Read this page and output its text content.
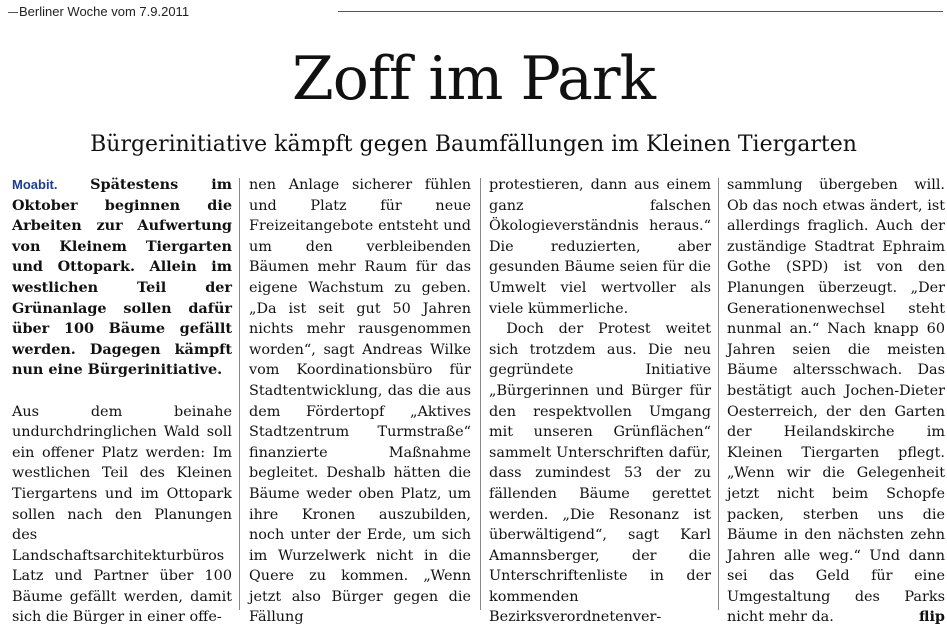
Berliner Woche vom 7.9.2011
Zoff im Park
Bürgerinitiative kämpft gegen Baumfällungen im Kleinen Tiergarten

Moabit. Spätestens im Oktober beginnen die Arbeiten zur Aufwertung von Kleinem Tiergarten und Ottopark. Allein im westlichen Teil der Grünanlage sollen dafür über 100 Bäume gefällt werden. Dagegen kämpft nun eine Bürgerinitiative.

Aus dem beinahe undurchdringlichen Wald soll ein offener Platz werden: Im westlichen Teil des Kleinen Tiergartens und im Ottopark sollen nach den Planungen des Landschaftsarchitekturbüros Latz und Partner über 100 Bäume gefällt werden, damit sich die Bürger in einer offe-

nen Anlage sicherer fühlen und Platz für neue Freizeitangebote entsteht und um den verbleibenden Bäumen mehr Raum für das eigene Wachstum zu geben. „Da ist seit gut 50 Jahren nichts mehr rausgenommen worden“, sagt Andreas Wilke vom Koordinationsbüro für Stadtentwicklung, das die aus dem Fördertopf „Aktives Stadtzentrum Turmstraße“ finanzierte Maßnahme begleitet. Deshalb hätten die Bäume weder oben Platz, um ihre Kronen auszubilden, noch unter der Erde, um sich im Wurzelwerk nicht in die Quere zu kommen. „Wenn jetzt also Bürger gegen die Fällung

protestieren, dann aus einem ganz falschen Ökologieverständnis heraus.“ Die reduzierten, aber gesunden Bäume seien für die Umwelt viel wertvoller als viele kümmerliche.

Doch der Protest weitet sich trotzdem aus. Die neu gegründete Initiative „Bürgerinnen und Bürger für den respektvollen Umgang mit unseren Grünflächen“ sammelt Unterschriften dafür, dass zumindest 53 der zu fällenden Bäume gerettet werden. „Die Resonanz ist überwältigend“, sagt Karl Amannsberger, der die Unterschriftenliste in der kommenden Bezirksverordnetenver-

sammlung übergeben will. Ob das noch etwas ändert, ist allerdings fraglich. Auch der zuständige Stadtrat Ephraim Gothe (SPD) ist von den Planungen überzeugt. „Der Generationenwechsel steht nunmal an.“ Nach knapp 60 Jahren seien die meisten Bäume altersschwach. Das bestätigt auch Jochen-Dieter Oesterreich, der den Garten der Heilandskirche im Kleinen Tiergarten pflegt. „Wenn wir die Gelegenheit jetzt nicht beim Schopfe packen, sterben uns die Bäume in den nächsten zehn Jahren alle weg.“ Und dann sei das Geld für eine Umgestaltung des Parks nicht mehr da.	flip
